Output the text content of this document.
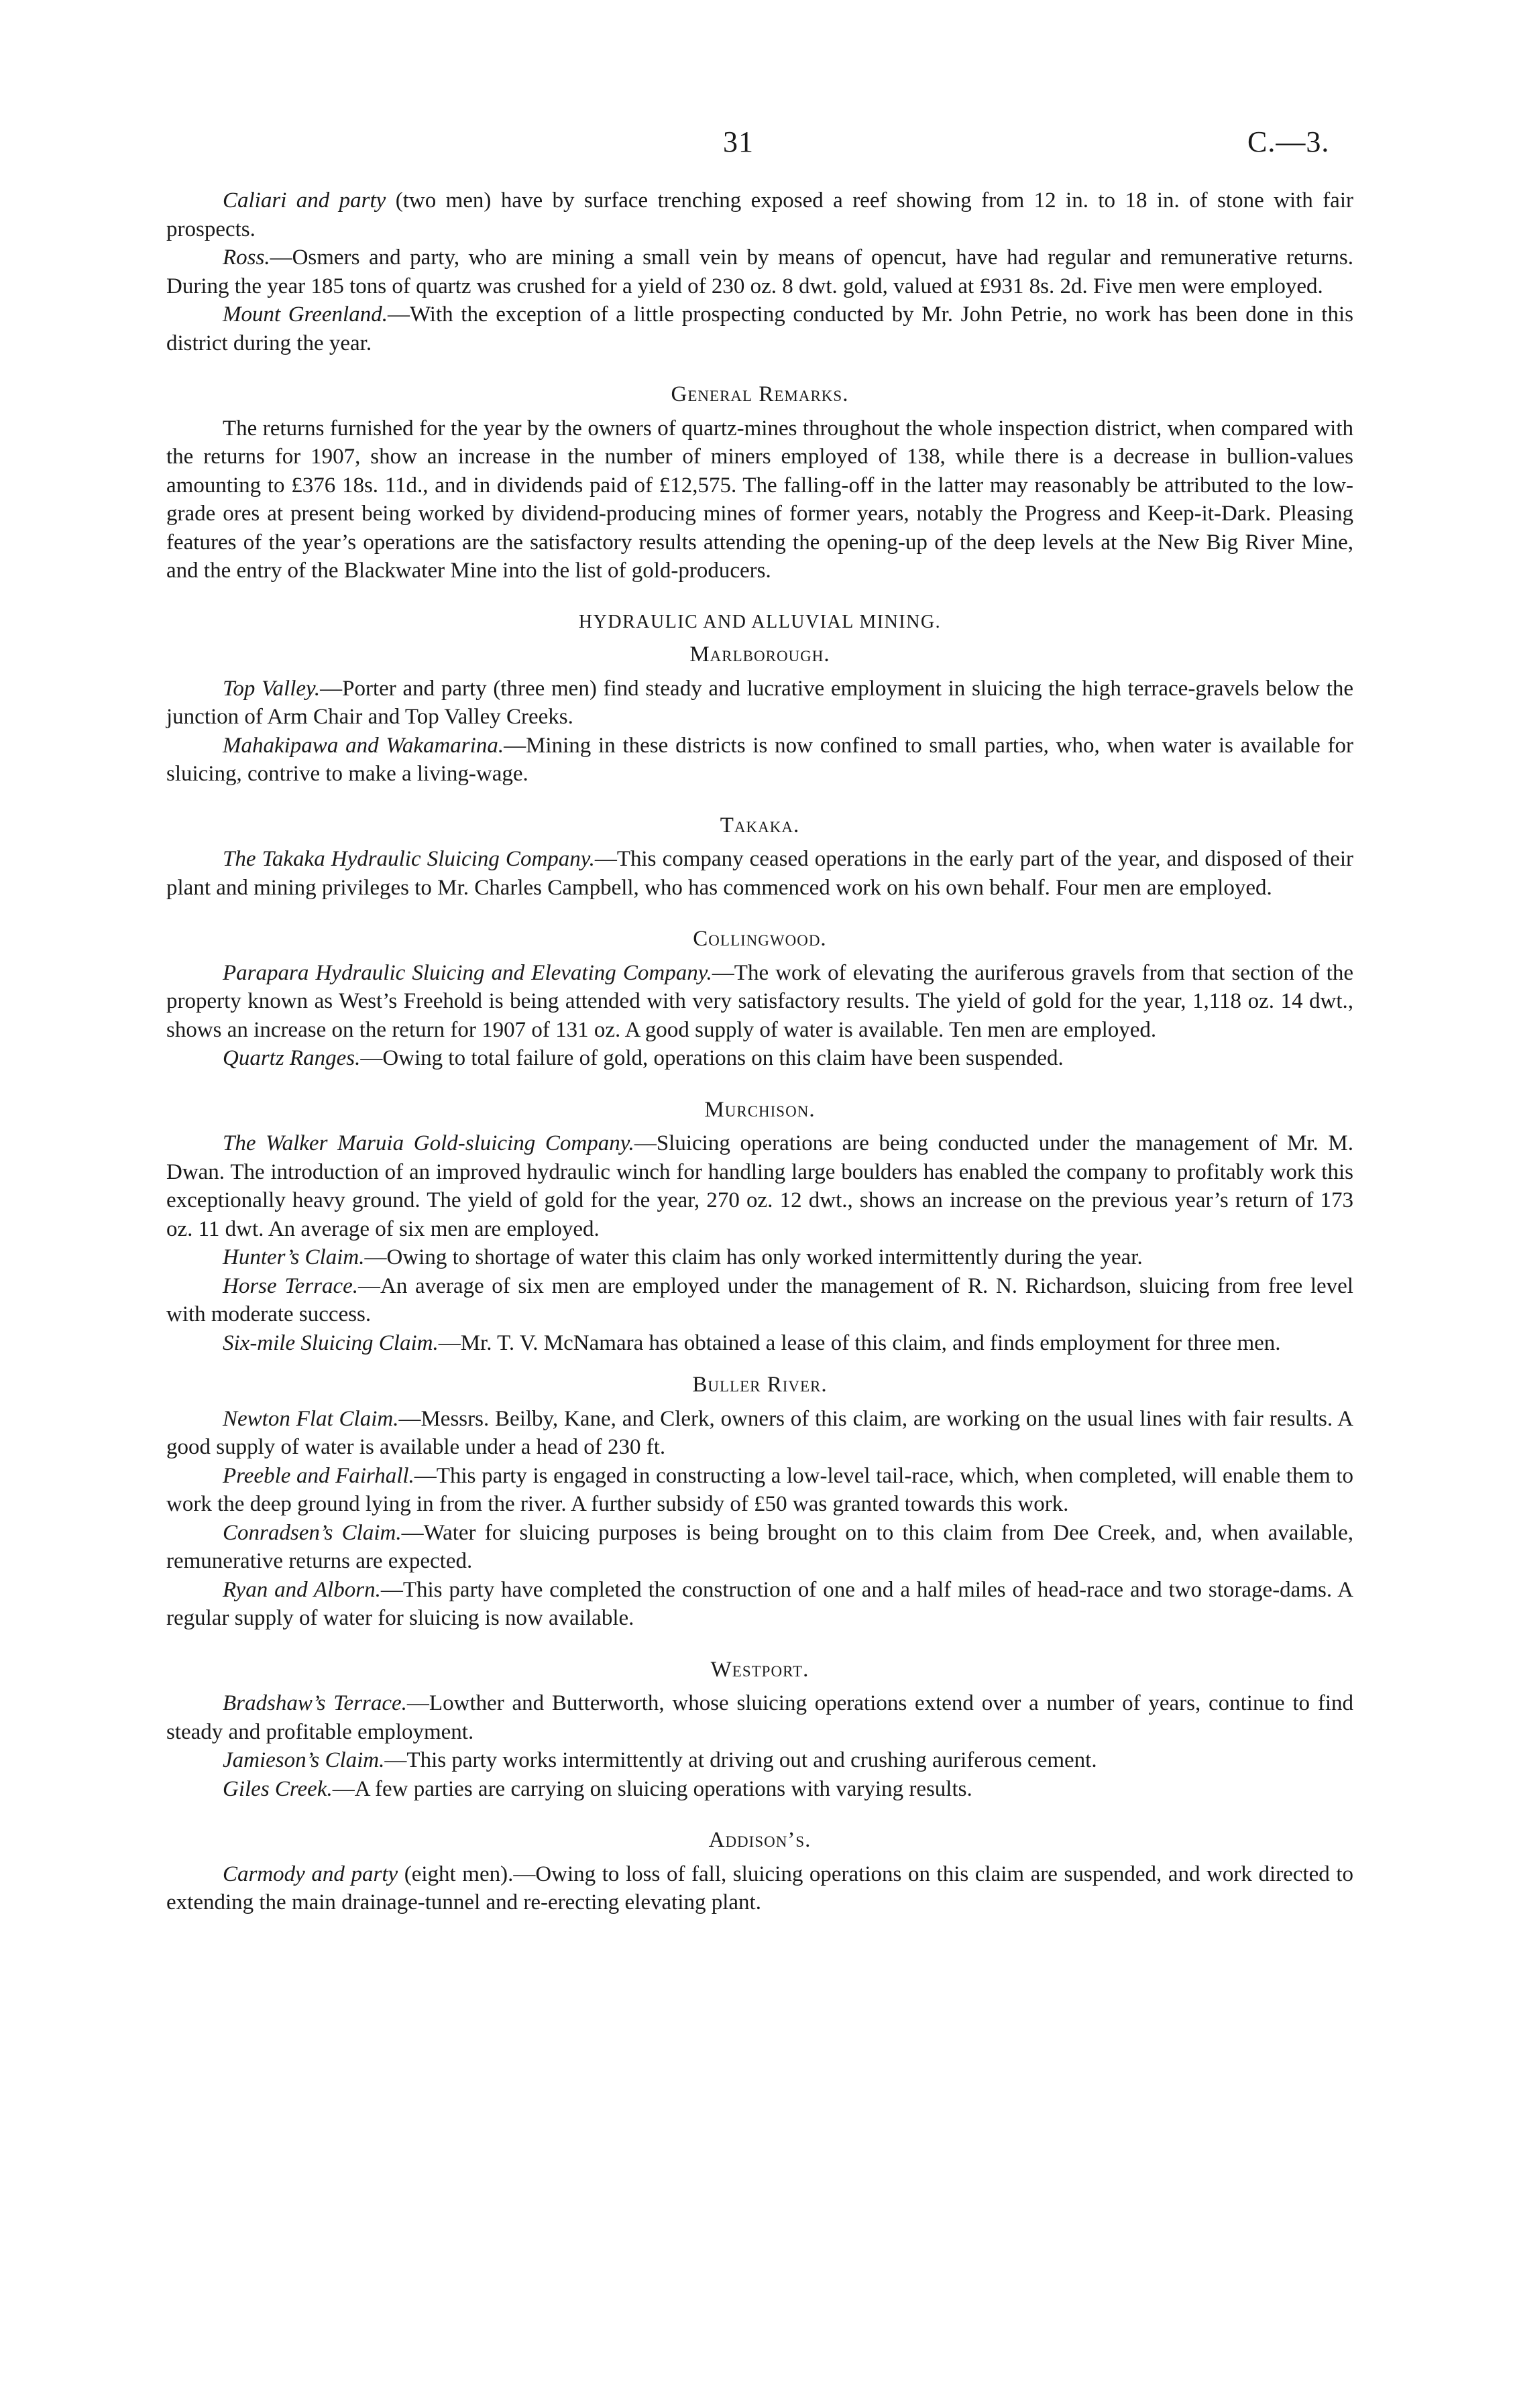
31	C.—3.

Caliari and party (two men) have by surface trenching exposed a reef showing from 12 in. to 18 in. of stone with fair prospects.

Ross.—Osmers and party, who are mining a small vein by means of opencut, have had regular and remunerative returns. During the year 185 tons of quartz was crushed for a yield of 230 oz. 8 dwt. gold, valued at £931 8s. 2d. Five men were employed.

Mount Greenland.—With the exception of a little prospecting conducted by Mr. John Petrie, no work has been done in this district during the year.

General Remarks.

The returns furnished for the year by the owners of quartz-mines throughout the whole inspection district, when compared with the returns for 1907, show an increase in the number of miners employed of 138, while there is a decrease in bullion-values amounting to £376 18s. 11d., and in dividends paid of £12,575. The falling-off in the latter may reasonably be attributed to the low-grade ores at present being worked by dividend-producing mines of former years, notably the Progress and Keep-it-Dark. Pleasing features of the year’s operations are the satisfactory results attending the opening-up of the deep levels at the New Big River Mine, and the entry of the Blackwater Mine into the list of gold-producers.

HYDRAULIC AND ALLUVIAL MINING.
Marlborough.

Top Valley.—Porter and party (three men) find steady and lucrative employment in sluicing the high terrace-gravels below the junction of Arm Chair and Top Valley Creeks.

Mahakipawa and Wakamarina.—Mining in these districts is now confined to small parties, who, when water is available for sluicing, contrive to make a living-wage.

Takaka.

The Takaka Hydraulic Sluicing Company.—This company ceased operations in the early part of the year, and disposed of their plant and mining privileges to Mr. Charles Campbell, who has commenced work on his own behalf. Four men are employed.

Collingwood.

Parapara Hydraulic Sluicing and Elevating Company.—The work of elevating the auriferous gravels from that section of the property known as West’s Freehold is being attended with very satisfactory results. The yield of gold for the year, 1,118 oz. 14 dwt., shows an increase on the return for 1907 of 131 oz. A good supply of water is available. Ten men are employed.

Quartz Ranges.—Owing to total failure of gold, operations on this claim have been suspended.

Murchison.

The Walker Maruia Gold-sluicing Company.—Sluicing operations are being conducted under the management of Mr. M. Dwan. The introduction of an improved hydraulic winch for handling large boulders has enabled the company to profitably work this exceptionally heavy ground. The yield of gold for the year, 270 oz. 12 dwt., shows an increase on the previous year’s return of 173 oz. 11 dwt. An average of six men are employed.

Hunter’s Claim.—Owing to shortage of water this claim has only worked intermittently during the year.

Horse Terrace.—An average of six men are employed under the management of R. N. Richardson, sluicing from free level with moderate success.

Six-mile Sluicing Claim.—Mr. T. V. McNamara has obtained a lease of this claim, and finds employment for three men.

Buller River.

Newton Flat Claim.—Messrs. Beilby, Kane, and Clerk, owners of this claim, are working on the usual lines with fair results. A good supply of water is available under a head of 230 ft.

Preeble and Fairhall.—This party is engaged in constructing a low-level tail-race, which, when completed, will enable them to work the deep ground lying in from the river. A further subsidy of £50 was granted towards this work.

Conradsen’s Claim.—Water for sluicing purposes is being brought on to this claim from Dee Creek, and, when available, remunerative returns are expected.

Ryan and Alborn.—This party have completed the construction of one and a half miles of head-race and two storage-dams. A regular supply of water for sluicing is now available.

Westport.

Bradshaw’s Terrace.—Lowther and Butterworth, whose sluicing operations extend over a number of years, continue to find steady and profitable employment.

Jamieson’s Claim.—This party works intermittently at driving out and crushing auriferous cement.

Giles Creek.—A few parties are carrying on sluicing operations with varying results.

Addison’s.

Carmody and party (eight men).—Owing to loss of fall, sluicing operations on this claim are suspended, and work directed to extending the main drainage-tunnel and re-erecting elevating plant.
